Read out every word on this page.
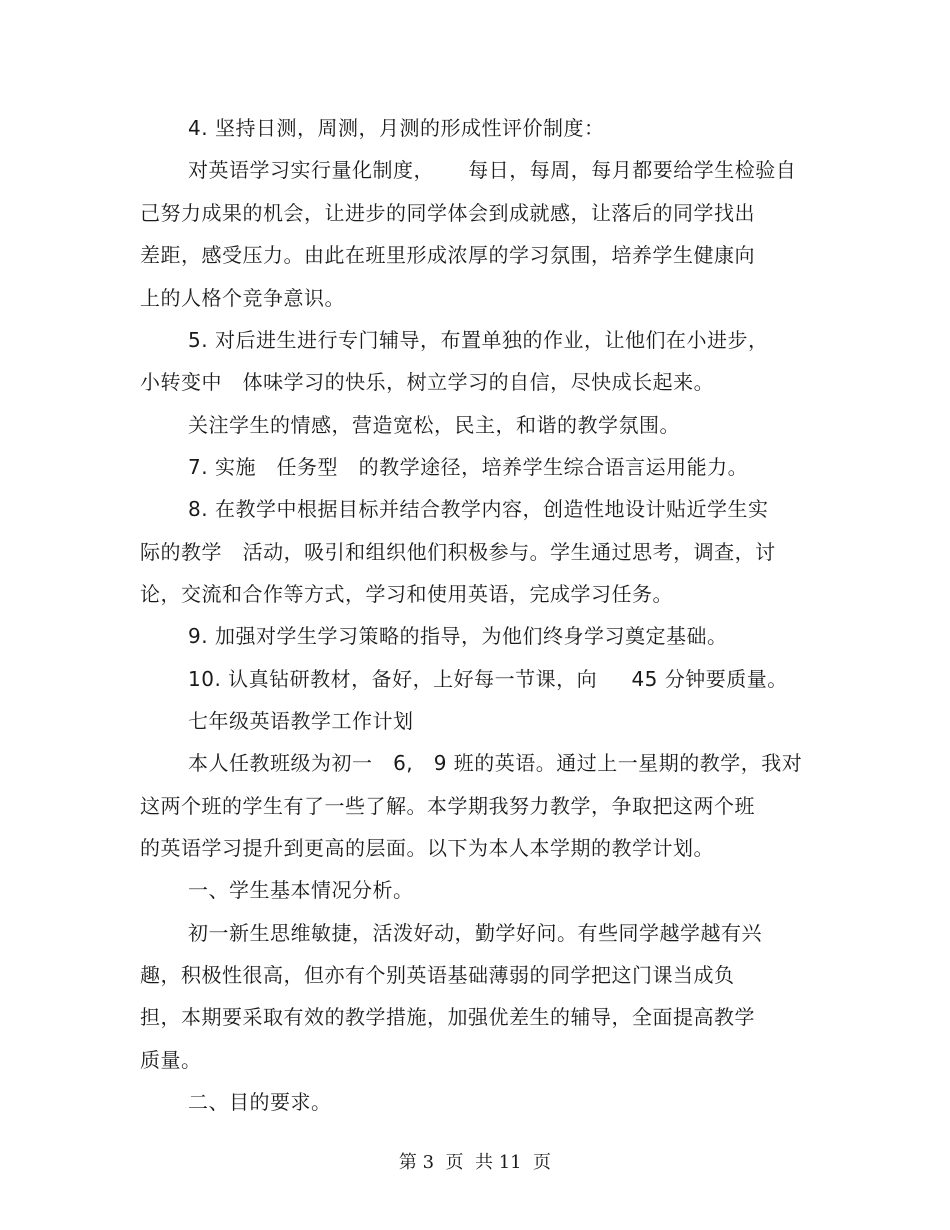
4. 坚持日测，周测，月测的形成性评价制度：
对英语学习实行量化制度，     每日，每周，每月都要给学生检验自
己努力成果的机会，让进步的同学体会到成就感，让落后的同学找出
差距，感受压力。由此在班里形成浓厚的学习氛围，培养学生健康向
上的人格个竞争意识。
5. 对后进生进行专门辅导，布置单独的作业，让他们在小进步，
小转变中   体味学习的快乐，树立学习的自信，尽快成长起来。
关注学生的情感，营造宽松，民主，和谐的教学氛围。
7. 实施   任务型   的教学途径，培养学生综合语言运用能力。
8. 在教学中根据目标并结合教学内容，创造性地设计贴近学生实
际的教学   活动，吸引和组织他们积极参与。学生通过思考，调查，讨
论，交流和合作等方式，学习和使用英语，完成学习任务。
9. 加强对学生学习策略的指导，为他们终身学习奠定基础。
10. 认真钻研教材，备好，上好每一节课，向     45 分钟要质量。
七年级英语教学工作计划
本人任教班级为初一   6,   9 班的英语。通过上一星期的教学，我对
这两个班的学生有了一些了解。本学期我努力教学，争取把这两个班
的英语学习提升到更高的层面。以下为本人本学期的教学计划。
一、学生基本情况分析。
初一新生思维敏捷，活泼好动，勤学好问。有些同学越学越有兴
趣，积极性很高，但亦有个别英语基础薄弱的同学把这门课当成负
担，本期要采取有效的教学措施，加强优差生的辅导，全面提高教学
质量。
二、目的要求。
第 3  页  共 11  页
